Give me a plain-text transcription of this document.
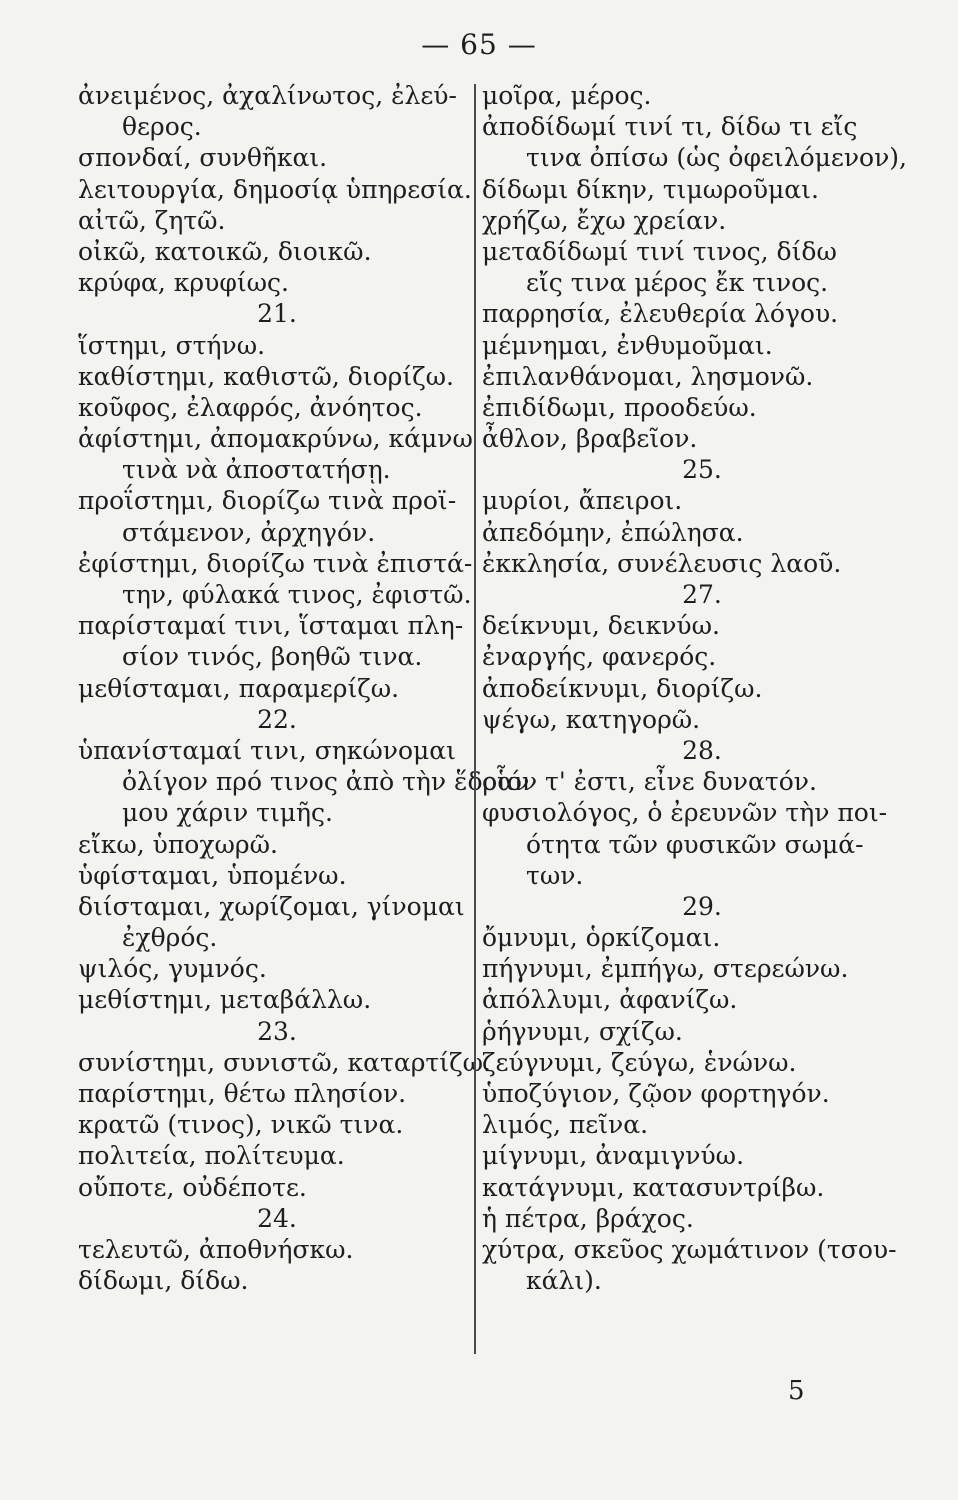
— 65 —
ἀνειμένος, ἀχαλίνωτος, ἐλεύ-
θερος.
σπονδαί, συνθῆκαι.
λειτουργία, δημοσίᾳ ὑπηρεσία.
αἰτῶ, ζητῶ.
οἰκῶ, κατοικῶ, διοικῶ.
κρύφα, κρυφίως.
21.
ἵστημι, στήνω.
καθίστημι, καθιστῶ, διορίζω.
κοῦφος, ἐλαφρός, ἀνόητος.
ἀφίστημι, ἀπομακρύνω, κάμνω
τινὰ νὰ ἀποστατήσῃ.
προΐστημι, διορίζω τινὰ προϊ-
στάμενον, ἀρχηγόν.
ἐφίστημι, διορίζω τινὰ ἐπιστά-
την, φύλακά τινος, ἐφιστῶ.
παρίσταμαί τινι, ἵσταμαι πλη-
σίον τινός, βοηθῶ τινα.
μεθίσταμαι, παραμερίζω.
22.
ὑπανίσταμαί τινι, σηκώνομαι
ὀλίγον πρό τινος ἀπὸ τὴν ἕδραν
μου χάριν τιμῆς.
εἴκω, ὑποχωρῶ.
ὑφίσταμαι, ὑπομένω.
διίσταμαι, χωρίζομαι, γίνομαι
ἐχθρός.
ψιλός, γυμνός.
μεθίστημι, μεταβάλλω.
23.
συνίστημι, συνιστῶ, καταρτίζω.
παρίστημι, θέτω πλησίον.
κρατῶ (τινος), νικῶ τινα.
πολιτεία, πολίτευμα.
οὔποτε, οὐδέποτε.
24.
τελευτῶ, ἀποθνήσκω.
δίδωμι, δίδω.
μοῖρα, μέρος.
ἀποδίδωμί τινί τι, δίδω τι εἴς
τινα ὀπίσω (ὡς ὀφειλόμενον),
δίδωμι δίκην, τιμωροῦμαι.
χρήζω, ἔχω χρείαν.
μεταδίδωμί τινί τινος, δίδω
εἴς τινα μέρος ἔκ τινος.
παρρησία, ἐλευθερία λόγου.
μέμνημαι, ἐνθυμοῦμαι.
ἐπιλανθάνομαι, λησμονῶ.
ἐπιδίδωμι, προοδεύω.
ἆθλον, βραβεῖον.
25.
μυρίοι, ἄπειροι.
ἀπεδόμην, ἐπώλησα.
ἐκκλησία, συνέλευσις λαοῦ.
27.
δείκνυμι, δεικνύω.
ἐναργής, φανερός.
ἀποδείκνυμι, διορίζω.
ψέγω, κατηγορῶ.
28.
οἷόν τ' ἐστι, εἶνε δυνατόν.
φυσιολόγος, ὁ ἐρευνῶν τὴν ποι-
ότητα τῶν φυσικῶν σωμά-
των.
29.
ὄμνυμι, ὁρκίζομαι.
πήγνυμι, ἐμπήγω, στερεώνω.
ἀπόλλυμι, ἀφανίζω.
ῥήγνυμι, σχίζω.
ζεύγνυμι, ζεύγω, ἑνώνω.
ὑποζύγιον, ζῷον φορτηγόν.
λιμός, πεῖνα.
μίγνυμι, ἀναμιγνύω.
κατάγνυμι, κατασυντρίβω.
ἡ πέτρα, βράχος.
χύτρα, σκεῦος χωμάτινον (τσου-
κάλι).
5
